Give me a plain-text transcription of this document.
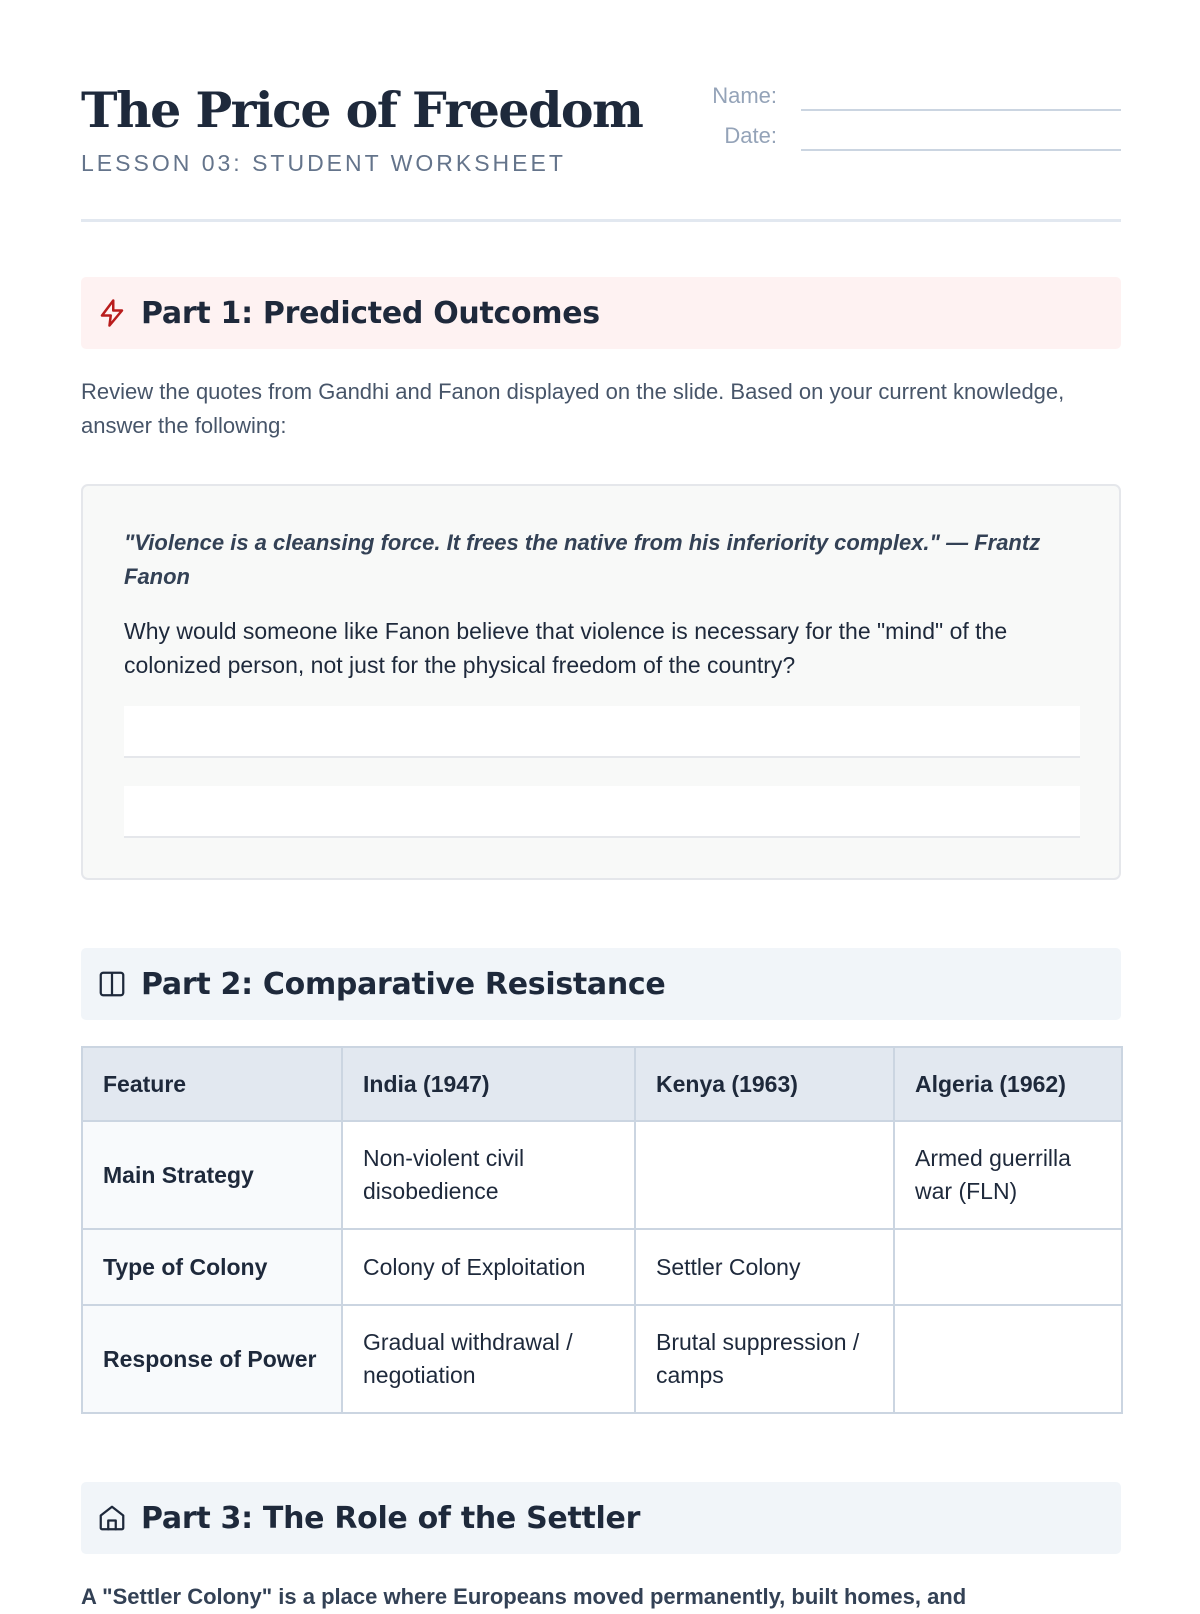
The Price of Freedom
LESSON 03: STUDENT WORKSHEET
Name:
Date:
Part 1: Predicted Outcomes
Review the quotes from Gandhi and Fanon displayed on the slide. Based on your current knowledge, answer the following:
"Violence is a cleansing force. It frees the native from his inferiority complex." — Frantz Fanon
Why would someone like Fanon believe that violence is necessary for the "mind" of the colonized person, not just for the physical freedom of the country?
Part 2: Comparative Resistance
Feature	India (1947)	Kenya (1963)	Algeria (1962)
Main Strategy	Non-violent civil disobedience		Armed guerrilla war (FLN)
Type of Colony	Colony of Exploitation	Settler Colony	
Response of Power	Gradual withdrawal / negotiation	Brutal suppression / camps	
Part 3: The Role of the Settler
A "Settler Colony" is a place where Europeans moved permanently, built homes, and
